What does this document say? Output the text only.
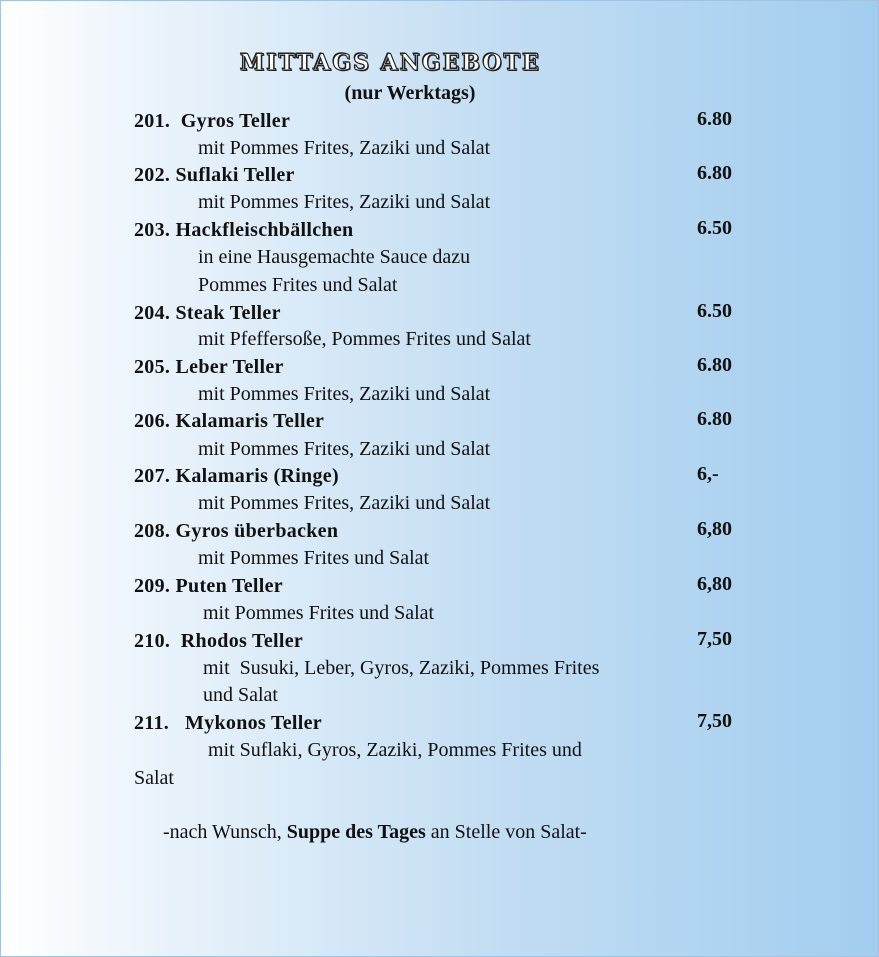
MITTAGS ANGEBOTE
(nur Werktags)
201.  Gyros Teller	6.80
mit Pommes Frites, Zaziki und Salat
202. Suflaki Teller	6.80
mit Pommes Frites, Zaziki und Salat
203. Hackfleischbällchen	6.50
in eine Hausgemachte Sauce dazu
Pommes Frites und Salat
204. Steak Teller	6.50
mit Pfeffersoße, Pommes Frites und Salat
205. Leber Teller	6.80
mit Pommes Frites, Zaziki und Salat
206. Kalamaris Teller	6.80
mit Pommes Frites, Zaziki und Salat
207. Kalamaris (Ringe)	6,-
mit Pommes Frites, Zaziki und Salat
208. Gyros überbacken	6,80
mit Pommes Frites und Salat
209. Puten Teller	6,80
mit Pommes Frites und Salat
210.  Rhodos Teller	7,50
mit  Susuki, Leber, Gyros, Zaziki, Pommes Frites
und Salat
211.   Mykonos Teller	7,50
mit Suflaki, Gyros, Zaziki, Pommes Frites und
Salat
-nach Wunsch, Suppe des Tages an Stelle von Salat-
